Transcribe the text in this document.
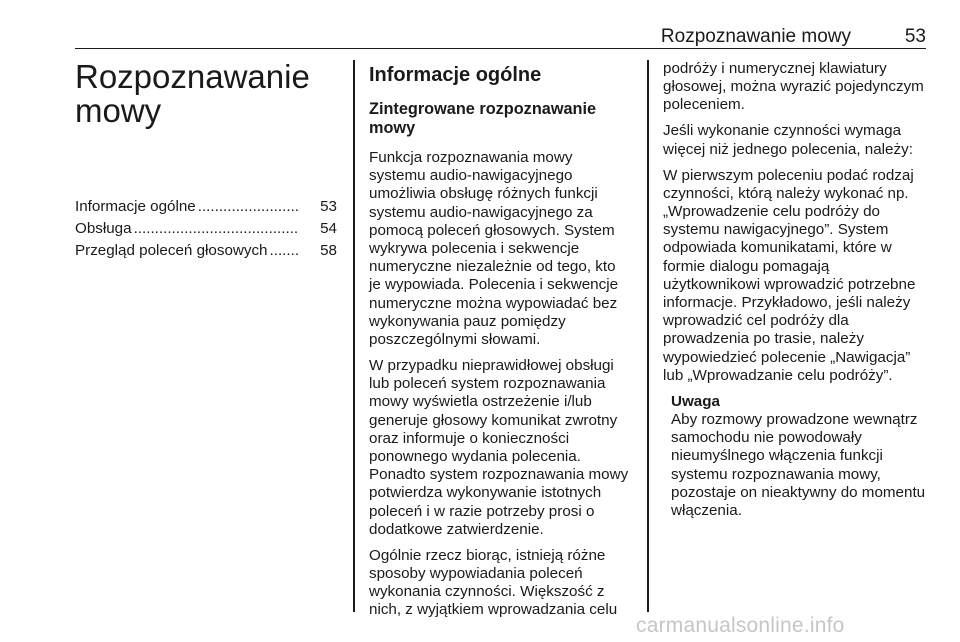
Rozpoznawanie mowy	53
Rozpoznawanie mowy
Informacje ogólne ........................	53
Obsługa .......................................	54
Przegląd poleceń głosowych .......	58
Informacje ogólne
Zintegrowane rozpoznawanie mowy

Funkcja rozpoznawania mowy systemu audio-nawigacyjnego umożliwia obsługę różnych funkcji systemu audio-nawigacyjnego za pomocą poleceń głosowych. System wykrywa polecenia i sekwencje numeryczne niezależnie od tego, kto je wypowiada. Polecenia i sekwencje numeryczne można wypowiadać bez wykonywania pauz pomiędzy poszczególnymi słowami.

W przypadku nieprawidłowej obsługi lub poleceń system rozpoznawania mowy wyświetla ostrzeżenie i/lub generuje głosowy komunikat zwrotny oraz informuje o konieczności ponownego wydania polecenia. Ponadto system rozpoznawania mowy potwierdza wykonywanie istotnych poleceń i w razie potrzeby prosi o dodatkowe zatwierdzenie.

Ogólnie rzecz biorąc, istnieją różne sposoby wypowiadania poleceń wykonania czynności. Większość z nich, z wyjątkiem wprowadzania celu

podróży i numerycznej klawiatury głosowej, można wyrazić pojedynczym poleceniem.

Jeśli wykonanie czynności wymaga więcej niż jednego polecenia, należy:

W pierwszym poleceniu podać rodzaj czynności, którą należy wykonać np. „Wprowadzenie celu podróży do systemu nawigacyjnego”. System odpowiada komunikatami, które w formie dialogu pomagają użytkownikowi wprowadzić potrzebne informacje. Przykładowo, jeśli należy wprowadzić cel podróży dla prowadzenia po trasie, należy wypowiedzieć polecenie „Nawigacja” lub „Wprowadzanie celu podróży”.

Uwaga
Aby rozmowy prowadzone wewnątrz samochodu nie powodowały nieumyślnego włączenia funkcji systemu rozpoznawania mowy, pozostaje on nieaktywny do momentu włączenia.
carmanualsonline.info
